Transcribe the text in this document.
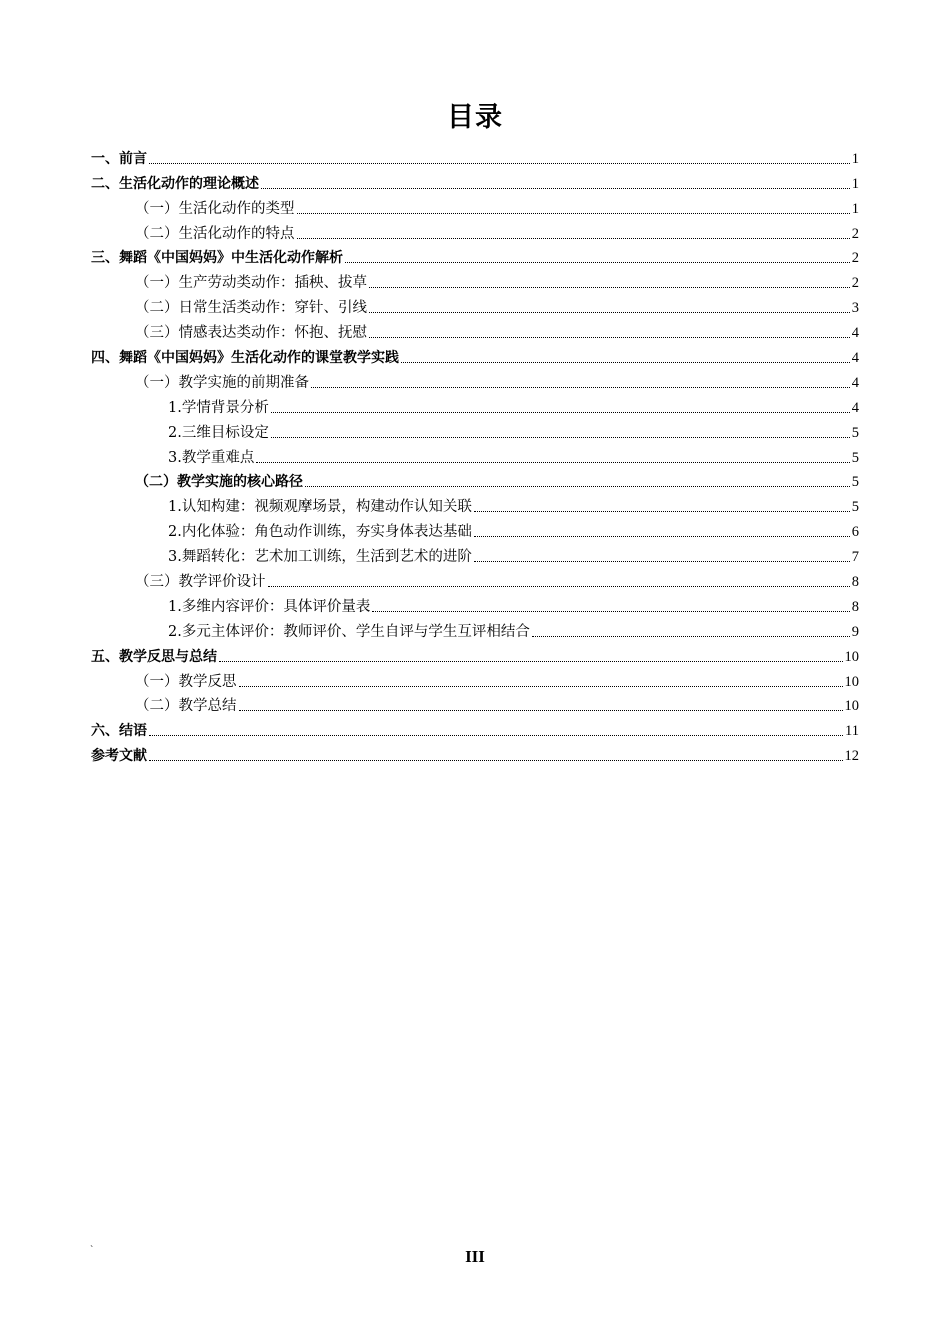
目录
一、前言	1
二、生活化动作的理论概述	1
（一）生活化动作的类型	1
（二）生活化动作的特点	2
三、舞蹈《中国妈妈》中生活化动作解析	2
（一）生产劳动类动作：插秧、拔草	2
（二）日常生活类动作：穿针、引线	3
（三）情感表达类动作：怀抱、抚慰	4
四、舞蹈《中国妈妈》生活化动作的课堂教学实践	4
（一）教学实施的前期准备	4
1.学情背景分析	4
2.三维目标设定	5
3.教学重难点	5
（二）教学实施的核心路径	5
1.认知构建：视频观摩场景，构建动作认知关联	5
2.内化体验：角色动作训练，夯实身体表达基础	6
3.舞蹈转化：艺术加工训练，生活到艺术的进阶	7
（三）教学评价设计	8
1.多维内容评价：具体评价量表	8
2.多元主体评价：教师评价、学生自评与学生互评相结合	9
五、教学反思与总结	10
（一）教学反思	10
（二）教学总结	10
六、结语	11
参考文献	12
`	III
